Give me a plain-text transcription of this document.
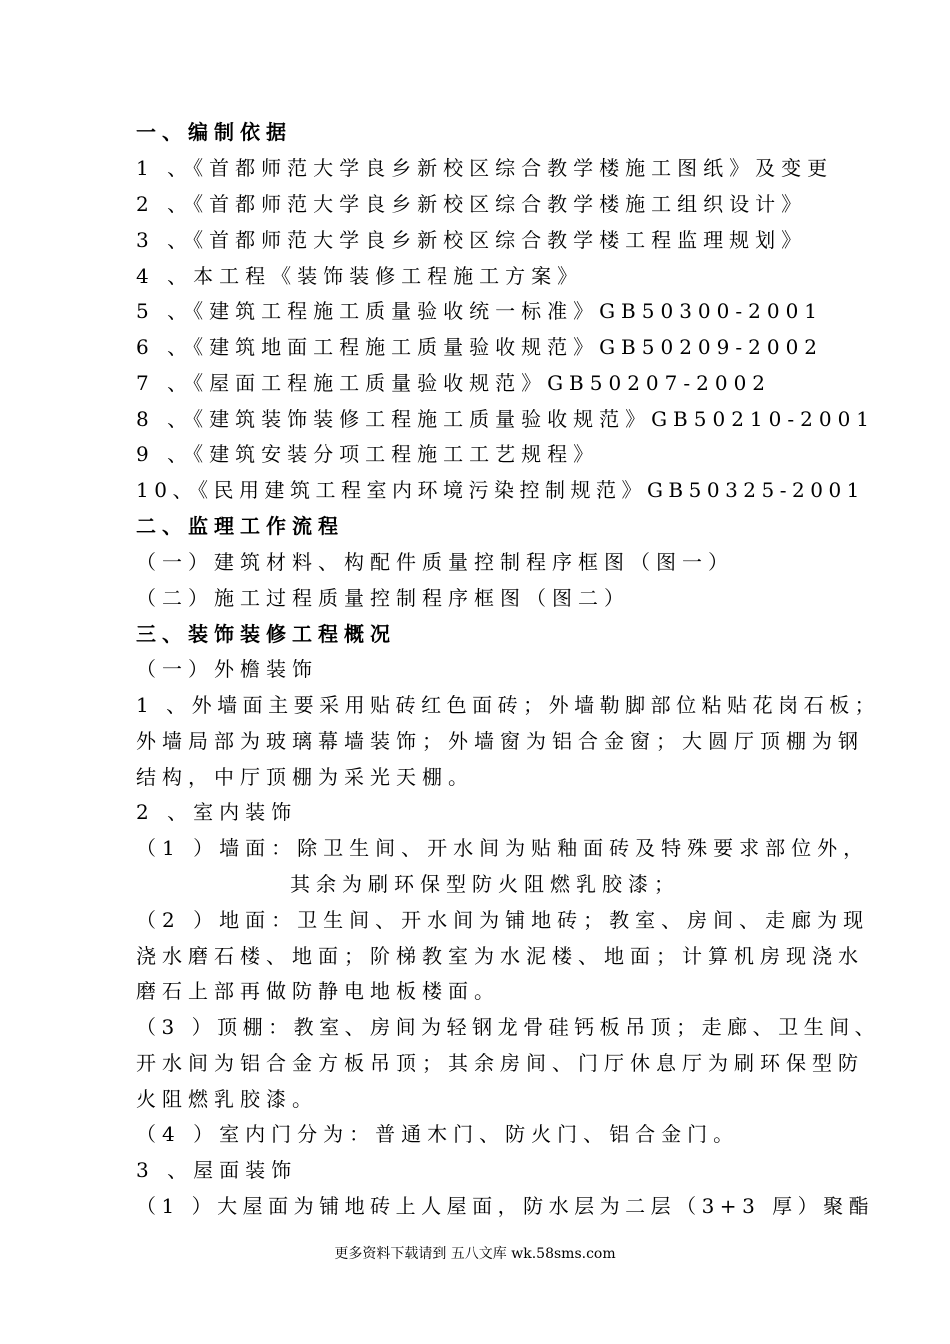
一、编制依据
1 、《首都师范大学良乡新校区综合教学楼施工图纸》及变更
2 、《首都师范大学良乡新校区综合教学楼施工组织设计》
3 、《首都师范大学良乡新校区综合教学楼工程监理规划》
4 、本工程《装饰装修工程施工方案》
5 、《建筑工程施工质量验收统一标准》GB50300-2001
6 、《建筑地面工程施工质量验收规范》GB50209-2002
7 、《屋面工程施工质量验收规范》GB50207-2002
8 、《建筑装饰装修工程施工质量验收规范》GB50210-2001
9 、《建筑安装分项工程施工工艺规程》
10、《民用建筑工程室内环境污染控制规范》GB50325-2001
二、监理工作流程
（一）建筑材料、构配件质量控制程序框图（图一）
（二）施工过程质量控制程序框图（图二）
三、装饰装修工程概况
（一）外檐装饰
1 、外墙面主要采用贴砖红色面砖；外墙勒脚部位粘贴花岗石板；
外墙局部为玻璃幕墙装饰；外墙窗为铝合金窗；大圆厅顶棚为钢
结构，中厅顶棚为采光天棚。
2 、室内装饰
（1 ）墙面：除卫生间、开水间为贴釉面砖及特殊要求部位外，
其余为刷环保型防火阻燃乳胶漆；
（2 ）地面：卫生间、开水间为铺地砖；教室、房间、走廊为现
浇水磨石楼、地面；阶梯教室为水泥楼、地面；计算机房现浇水
磨石上部再做防静电地板楼面。
（3 ）顶棚：教室、房间为轻钢龙骨硅钙板吊顶；走廊、卫生间、
开水间为铝合金方板吊顶；其余房间、门厅休息厅为刷环保型防
火阻燃乳胶漆。
（4 ）室内门分为：普通木门、防火门、铝合金门。
3 、屋面装饰
（1 ）大屋面为铺地砖上人屋面，防水层为二层（3+3 厚）聚酯
更多资料下载请到 五八文库 wk.58sms.com
